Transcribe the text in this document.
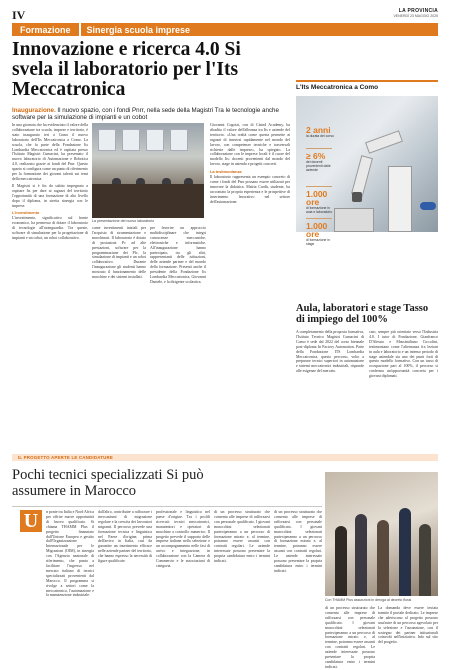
IV	LA PROVINCIA
VENERDÌ 23 MAGGIO 2025
Formazione	Sinergia scuola imprese
Innovazione e ricerca 4.0 Si svela il laboratorio per l'Its Meccatronica
Inaugurazione. Il nuovo spazio, con i fondi Pnrr, nella sede della Magistri Tra le tecnologie anche software per la simulazione di impianti e un cobot

In una giornata che ha evidenziato il valore della collaborazione tra scuola, imprese e territorio, è stato inaugurato ieri a Como il nuovo laboratorio dell'Its Meccatronica a Como. La scuola, che fa parte della Fondazione Its Lombardia Meccatronica ed è ospitata presso l'Istituto Magistri Cumacini, ha presentato il nuovo laboratorio di Automazione e Robotica 4.0, realizzato grazie ai fondi del Pnrr. Questo spazio si configura come un punto di riferimento per la formazione dei giovani talenti sui temi della meccatronica.

Il Magistri si è fin da subito impegnato a ospitare Its per dare ai ragazzi del territorio l'opportunità di una formazione di alto livello dopo il diploma, in stretta sinergia con le imprese.

L'investimento

L'investimento, significativo sul fronte economico, ha permesso di dotare il laboratorio di tecnologie all'avanguardia. Tra queste, software di simulazione per la progettazione di impianti e un cobot, un robot collaborativo.

La presentazione del nuovo laboratorio

come investimenti iniziali per l'acquisto di strumentazione e macchinari. Il laboratorio è dotato di postazioni Pc ad alte prestazioni, software per la programmazione dei Plc, la simulazione di impianti e un robot collaborativo. Durante l'inaugurazione gli studenti hanno mostrato il funzionamento delle macchine e dei sistemi installati.

per favorire un approccio multidisciplinare che integri conoscenze meccaniche, elettroniche e informatiche. All'inaugurazione hanno partecipato, tra gli altri, rappresentanti delle istituzioni, delle aziende partner e del mondo della formazione. Presenti anche il presidente della Fondazione Its Lombardia Meccatronica, Giovanni Daniele, e la dirigente scolastica.

Giovanni Cogotzi, con di Cisind Academy, ha ribadito il valore dell'alleanza tra Its e aziende del territorio. «Una realtà come questa permette ai ragazzi di inserirsi rapidamente nel mondo del lavoro, con competenze tecniche e trasversali richieste dalle imprese», ha spiegato. La collaborazione con le imprese locali è il cuore del modello Its: docenti provenienti dal mondo del lavoro, stage in azienda e progetti concreti.

La testimonianza

Il laboratorio rappresenta un esempio concreto di come i fondi del Pnrr possano essere utilizzati per innovare la didattica. Mattia Cardù, studente, ha raccontato la propria esperienza e le prospettive di inserimento lavorativo nel settore dell'automazione.

L'Its Meccatronica a Como
2 anni
la durata del corso
≥ 6%
dei docenti provenienti dalle aziende
1.000 ore
di formazione in aula e laboratorio
1.000 ore
di formazione in stage
Aula, laboratori e stage Tasso di impiego del 100%

A completamento della proposta formativa, l'Istituto Tecnico Magistri Cumacini di Como è sede dal 2022 del corso biennale post-diploma In Factory Automation. Parte della Fondazione ITS Lombardia Meccatronica, questo percorso, volto a preparare tecnici superiori in automazione e sistemi meccatronici industriali, risponde alle esigenze del mercato.

cato, sempre più orientato verso l'Industria 4.0. I tutor di Fondazione, Gianfranco D'Alessio e Massimiliano Ciccolini, testimoniano come l'alternanza fra lezioni in aula e laboratorio e un intenso periodo di stage aziendale sia uno dei punti forti di questo modello formativo. Con un tasso di occupazione pari al 100%, il percorso si conferma un'opportunità concreta per i giovani diplomati.

IL PROGETTO APERTE LE CANDIDATURE
Pochi tecnici specializzati Si può assumere in Marocco
U	n ponte tra Italia e Nord Africa per offrire nuove opportunità di lavoro qualificato. Si chiama THAMM Plus il progetto finanziato dall'Unione Europea e gestito dall'Organizzazione Internazionale per le Migrazioni (OIM), in sinergia con l'Agenzia nazionale di riferimento, che punta a facilitare l'ingresso nel mercato italiano di tecnici specializzati provenienti dal Marocco. Il programma si rivolge a settori come la meccatronica, l'automazione e la manutenzione industriale.

dall'altro, contribuire a rafforzare i meccanismi di migrazione regolare e la crescita dei lavoratori migranti. Il percorso prevede una formazione tecnica e linguistica nel Paese d'origine, prima dell'arrivo in Italia, così da garantire un inserimento efficace nelle aziende partner del territorio, che hanno espresso la necessità di figure qualificate.

professionale e linguistica nel paese d'origine. Tra i profili ricercati: tecnici meccatronici, manutentori e operatori di macchine a controllo numerico. Il progetto prevede il supporto delle imprese italiane nella selezione e un accompagnamento nelle fasi di arrivo e integrazione, in collaborazione con la Camera di Commercio e le associazioni di categoria.

di un processo strutturato che consenta alle imprese di rafforzarsi con personale qualificato. I giovani marocchini selezionati parteciperanno a un percorso di formazione mirato e, al termine, potranno essere assunti con contratti regolari. Le aziende interessate possono presentare la propria candidatura entro i termini indicati.

di un processo strutturato che consenta alle imprese di rafforzarsi con personale qualificato. I giovani marocchini selezionati parteciperanno a un percorso di formazione mirato e, al termine, potranno essere assunti con contratti regolari. Le aziende interessate possono presentare la propria candidatura entro i termini indicati.

Con THAMM Plus assunzioni in deroga al decreto flussi

La domanda deve essere inviata tramite il portale dedicato. Le imprese che aderiscono al progetto possono usufruire di un percorso agevolato per la selezione e l'assunzione, con il sostegno dei partner istituzionali coinvolti nell'iniziativa. Info sul sito del progetto.

di un processo strutturato che consenta alle imprese di rafforzarsi con personale qualificato. I giovani marocchini selezionati parteciperanno a un percorso di formazione mirato e, al termine, potranno essere assunti con contratti regolari. Le aziende interessate possono presentare la propria candidatura entro i termini indicati.
